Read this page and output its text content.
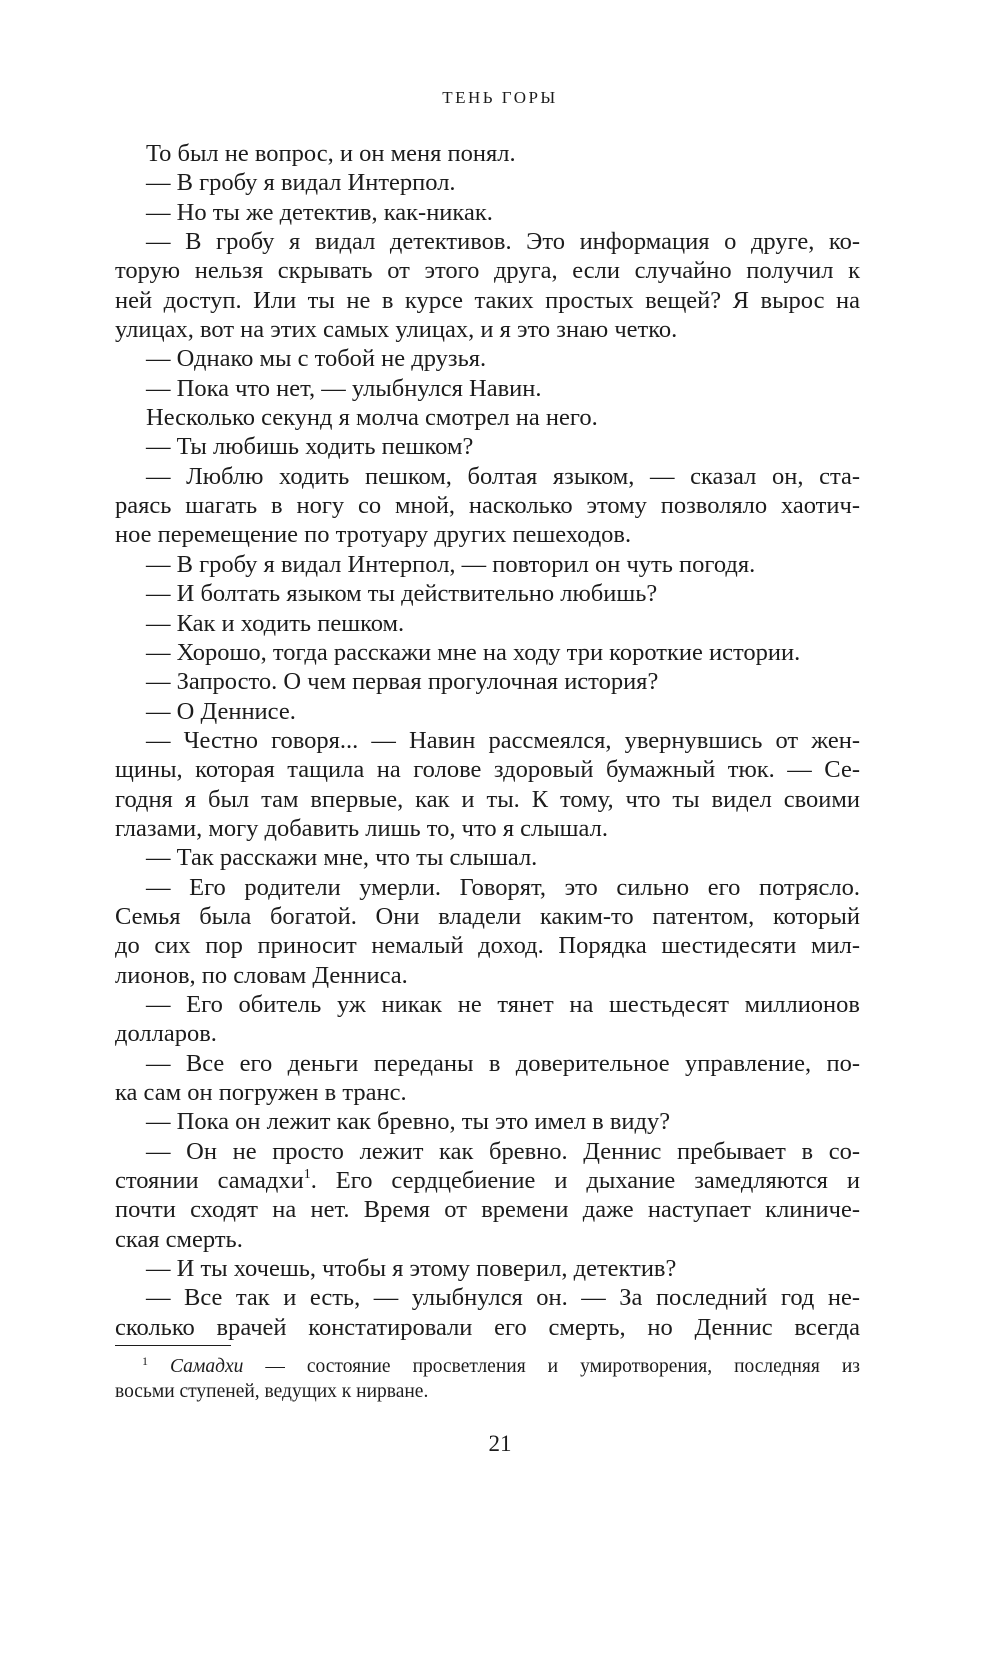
ТЕНЬ ГОРЫ
То был не вопрос, и он меня понял.
— В гробу я видал Интерпол.
— Но ты же детектив, как-никак.
— В гробу я видал детективов. Это информация о друге, ко-
торую нельзя скрывать от этого друга, если случайно получил к
ней доступ. Или ты не в курсе таких простых вещей? Я вырос на
улицах, вот на этих самых улицах, и я это знаю четко.
— Однако мы с тобой не друзья.
— Пока что нет, — улыбнулся Навин.
Несколько секунд я молча смотрел на него.
— Ты любишь ходить пешком?
— Люблю ходить пешком, болтая языком, — сказал он, ста-
раясь шагать в ногу со мной, насколько этому позволяло хаотич-
ное перемещение по тротуару других пешеходов.
— В гробу я видал Интерпол, — повторил он чуть погодя.
— И болтать языком ты действительно любишь?
— Как и ходить пешком.
— Хорошо, тогда расскажи мне на ходу три короткие истории.
— Запросто. О чем первая прогулочная история?
— О Деннисе.
— Честно говоря... — Навин рассмеялся, увернувшись от жен-
щины, которая тащила на голове здоровый бумажный тюк. — Се-
годня я был там впервые, как и ты. К тому, что ты видел своими
глазами, могу добавить лишь то, что я слышал.
— Так расскажи мне, что ты слышал.
— Его родители умерли. Говорят, это сильно его потрясло.
Семья была богатой. Они владели каким-то патентом, который
до сих пор приносит немалый доход. Порядка шестидесяти мил-
лионов, по словам Денниса.
— Его обитель уж никак не тянет на шестьдесят миллионов
долларов.
— Все его деньги переданы в доверительное управление, по-
ка сам он погружен в транс.
— Пока он лежит как бревно, ты это имел в виду?
— Он не просто лежит как бревно. Деннис пребывает в со-
стоянии самадхи$^1$. Его сердцебиение и дыхание замедляются и
почти сходят на нет. Время от времени даже наступает клиниче-
ская смерть.
— И ты хочешь, чтобы я этому поверил, детектив?
— Все так и есть, — улыбнулся он. — За последний год не-
сколько врачей констатировали его смерть, но Деннис всегда
$^1$ Самадхи — состояние просветления и умиротворения, последняя из
восьми ступеней, ведущих к нирване.
21
